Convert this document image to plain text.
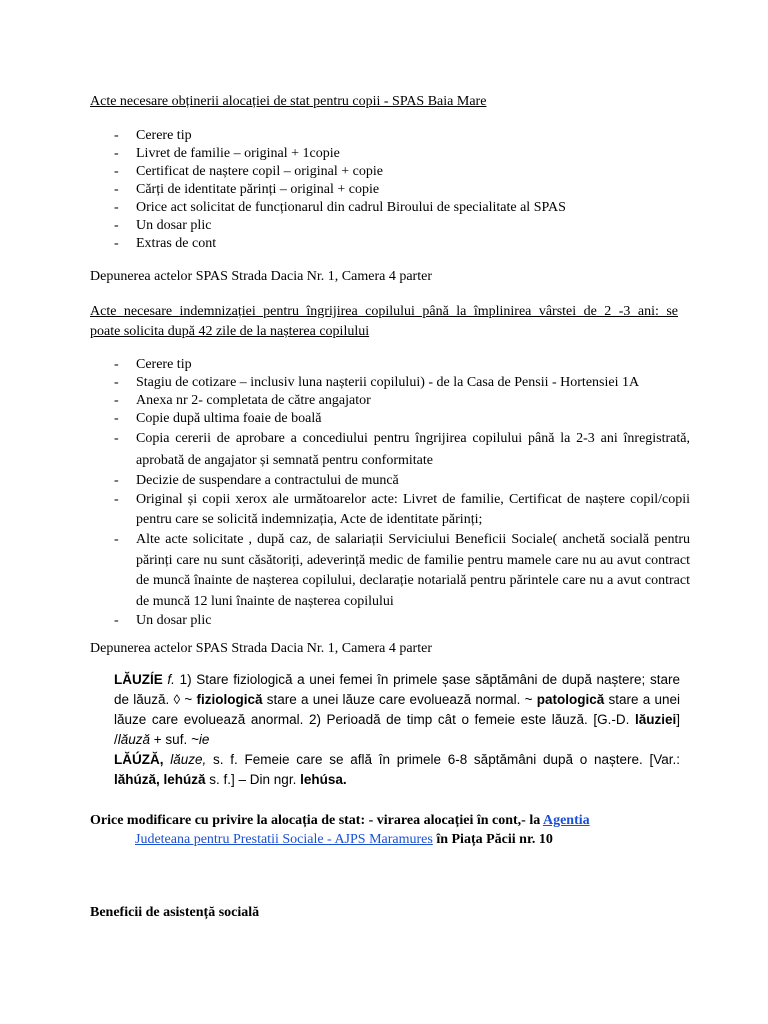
Acte necesare obținerii alocației de stat pentru copii - SPAS Baia Mare
- Cerere tip
- Livret de familie – original + 1copie
- Certificat de naștere copil – original + copie
- Cărți de identitate părinți – original + copie
- Orice act solicitat de funcționarul din cadrul Biroului de specialitate al SPAS
- Un dosar plic
- Extras de cont
Depunerea actelor SPAS Strada Dacia Nr. 1, Camera 4 parter
Acte necesare indemnizației pentru îngrijirea copilului până la împlinirea vârstei de 2 -3 ani: se
poate solicita după 42 zile de la nașterea copilului
- Cerere tip
- Stagiu de cotizare – inclusiv luna nașterii copilului) - de la Casa de Pensii - Hortensiei 1A
- Anexa nr 2- completata de către angajator
- Copie după ultima foaie de boală
- Copia cererii de aprobare a concediului pentru îngrijirea copilului până la 2-3 ani înregistrată, aprobată de angajator și semnată pentru conformitate
- Decizie de suspendare a contractului de muncă
- Original și copii xerox ale următoarelor acte: Livret de familie, Certificat de naștere copil/copii pentru care se solicită indemnizația, Acte de identitate părinți;
- Alte acte solicitate , după caz, de salariații Serviciului Beneficii Sociale( anchetă socială pentru părinți care nu sunt căsătoriți, adeverință medic de familie pentru mamele care nu au avut contract de muncă înainte de nașterea copilului, declarație notarială pentru părintele care nu a avut contract de muncă 12 luni înainte de nașterea copilului
- Un dosar plic
Depunerea actelor SPAS Strada Dacia Nr. 1, Camera 4 parter
LĂUZÍE f. 1) Stare fiziologică a unei femei în primele șase săptămâni de după naștere; stare de lăuză. ◊ ~ fiziologică stare a unei lăuze care evoluează normal. ~ patologică stare a unei lăuze care evoluează anormal. 2) Perioadă de timp cât o femeie este lăuză. [G.-D. lăuziei] /lăuză + suf. ~ie
LĂÚZĂ, lăuze, s. f. Femeie care se află în primele 6-8 săptămâni după o naștere. [Var.: lăhúză, lehúză s. f.] – Din ngr. lehúsa.
Orice modificare cu privire la alocația de stat: - virarea alocației în cont,- la Agentia
Judeteana pentru Prestatii Sociale - AJPS Maramures în Piața Păcii nr. 10
Beneficii de asistență socială
